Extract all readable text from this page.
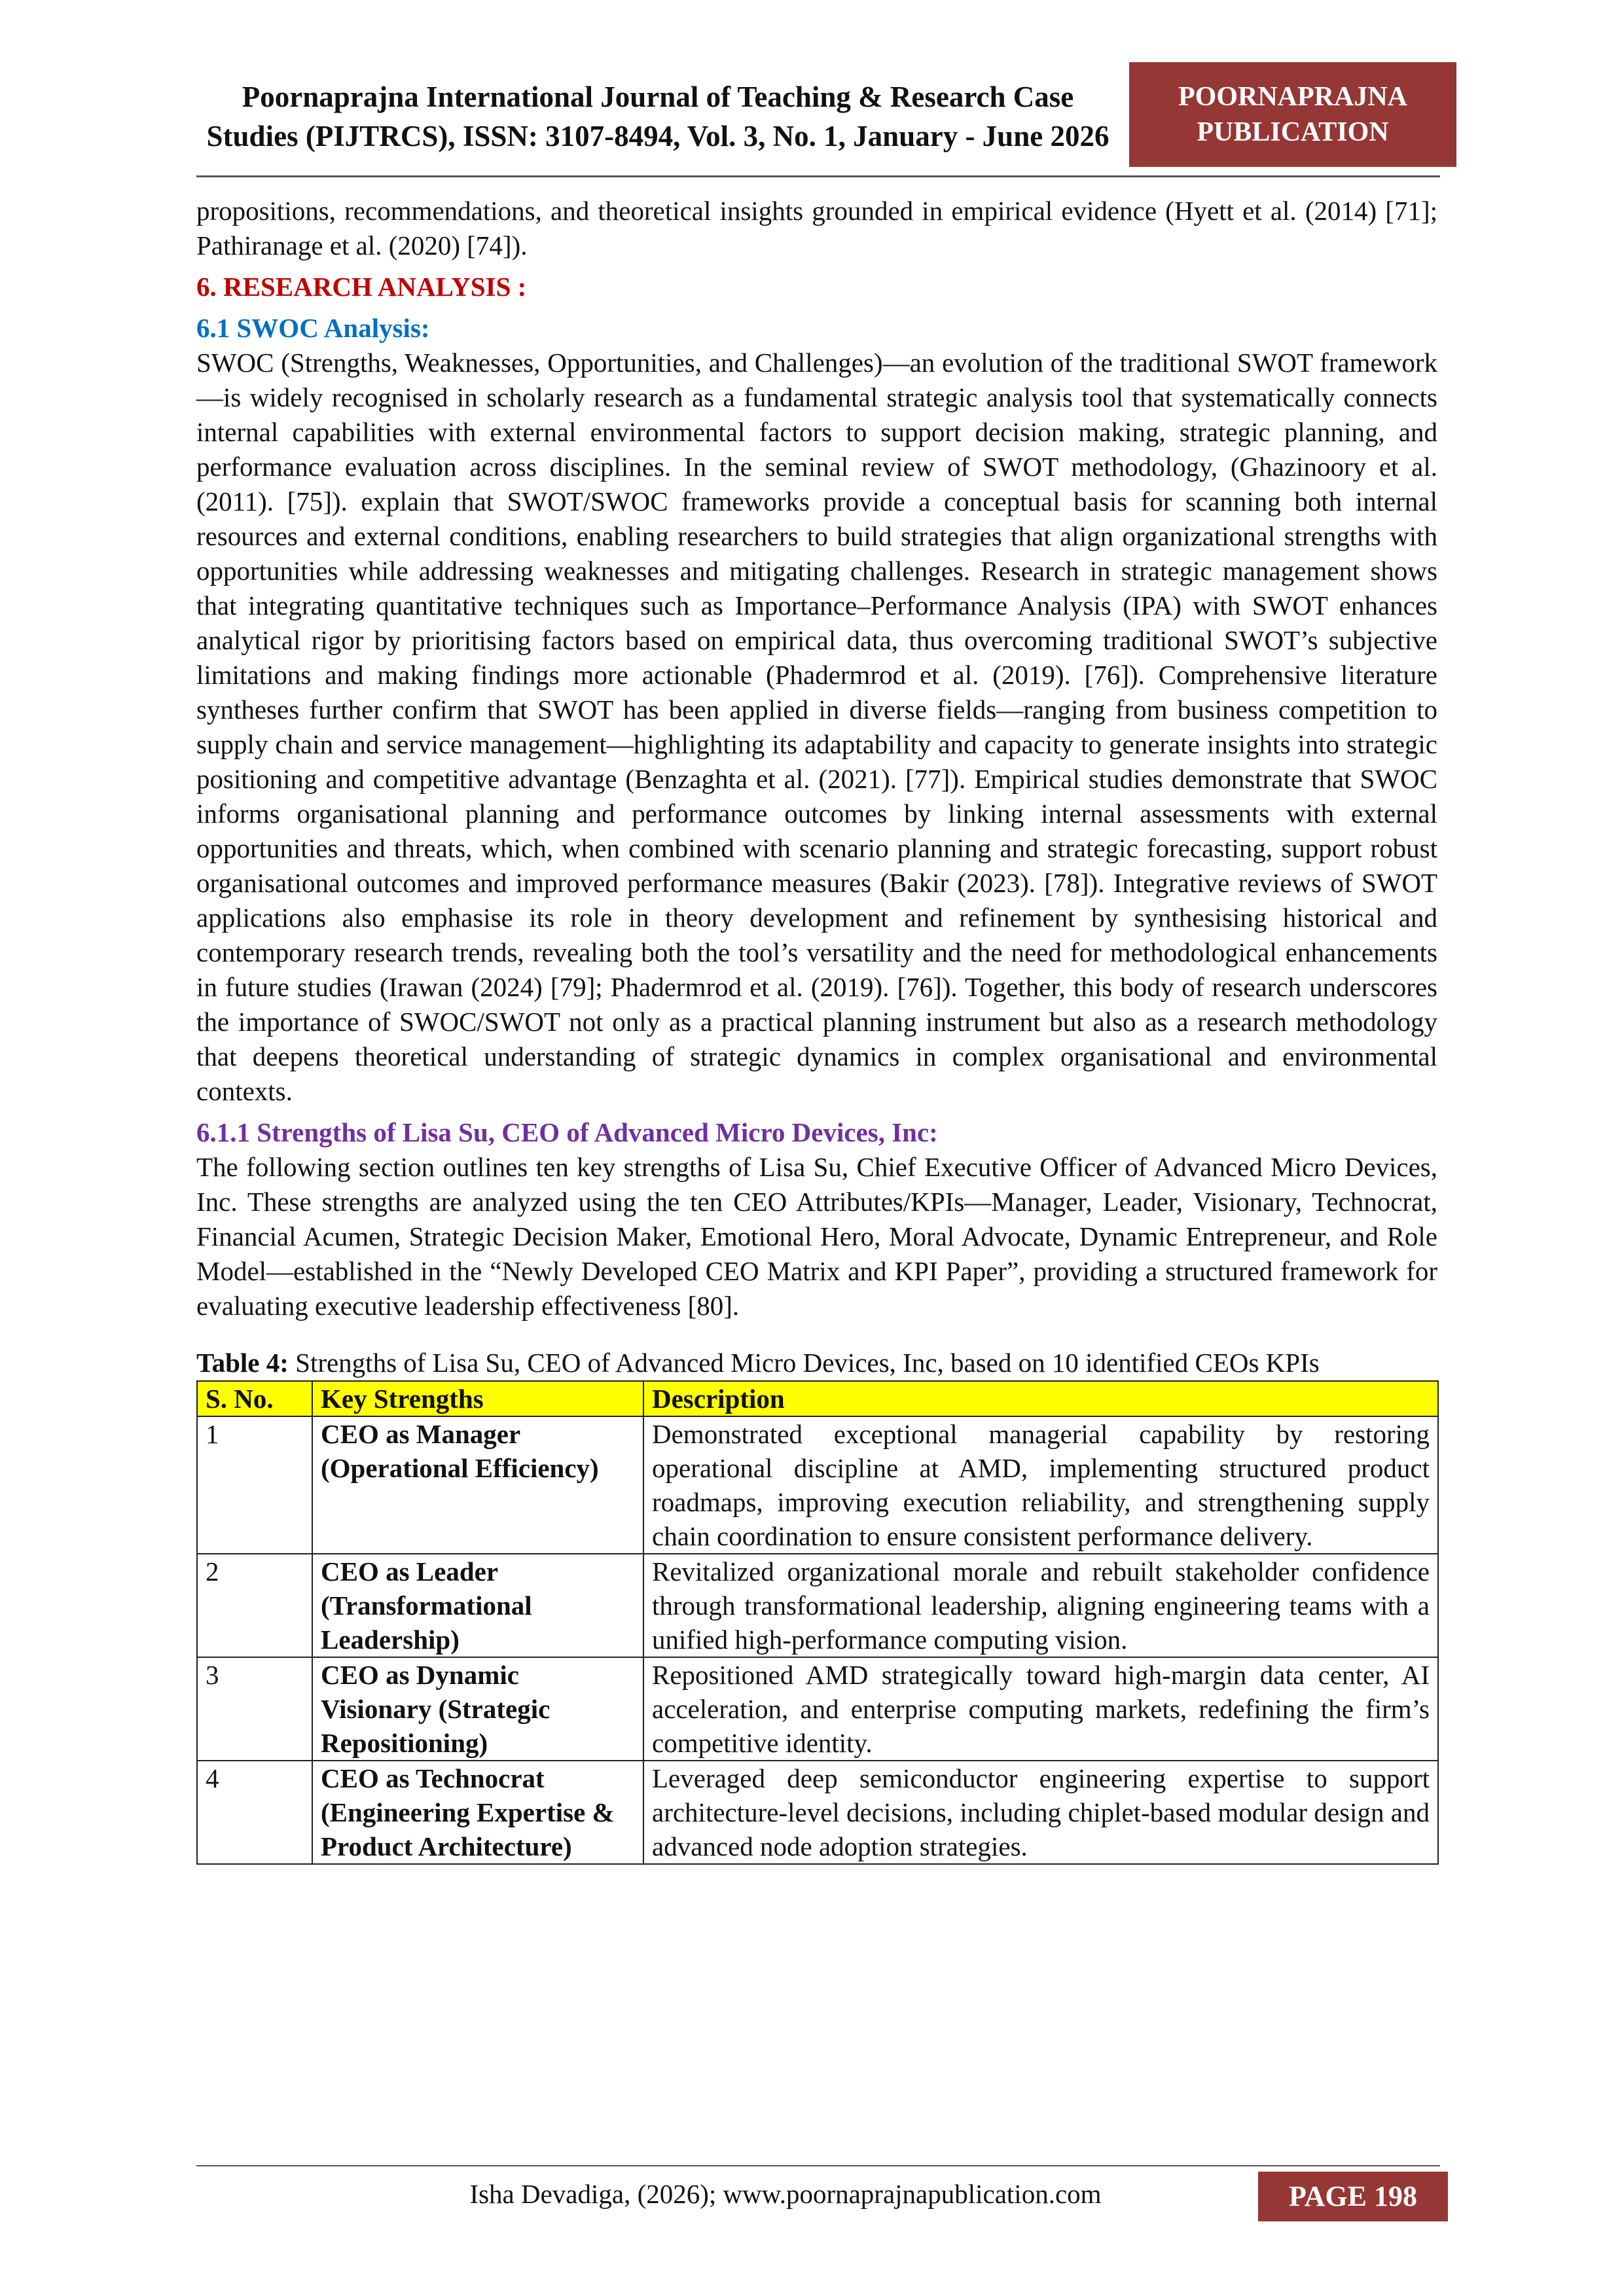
Poornaprajna International Journal of Teaching & Research Case
Studies (PIJTRCS), ISSN: 3107-8494, Vol. 3, No. 1, January - June 2026
POORNAPRAJNA
PUBLICATION

propositions, recommendations, and theoretical insights grounded in empirical evidence (Hyett et al. (2014) [71]; Pathiranage et al. (2020) [74]).

6. RESEARCH ANALYSIS :

6.1 SWOC Analysis:

SWOC (Strengths, Weaknesses, Opportunities, and Challenges)—an evolution of the traditional SWOT framework—is widely recognised in scholarly research as a fundamental strategic analysis tool that systematically connects internal capabilities with external environmental factors to support decision making, strategic planning, and performance evaluation across disciplines. In the seminal review of SWOT methodology, (Ghazinoory et al. (2011). [75]). explain that SWOT/SWOC frameworks provide a conceptual basis for scanning both internal resources and external conditions, enabling researchers to build strategies that align organizational strengths with opportunities while addressing weaknesses and mitigating challenges. Research in strategic management shows that integrating quantitative techniques such as Importance–Performance Analysis (IPA) with SWOT enhances analytical rigor by prioritising factors based on empirical data, thus overcoming traditional SWOT’s subjective limitations and making findings more actionable (Phadermrod et al. (2019). [76]). Comprehensive literature syntheses further confirm that SWOT has been applied in diverse fields—ranging from business competition to supply chain and service management—highlighting its adaptability and capacity to generate insights into strategic positioning and competitive advantage (Benzaghta et al. (2021). [77]). Empirical studies demonstrate that SWOC informs organisational planning and performance outcomes by linking internal assessments with external opportunities and threats, which, when combined with scenario planning and strategic forecasting, support robust organisational outcomes and improved performance measures (Bakir (2023). [78]). Integrative reviews of SWOT applications also emphasise its role in theory development and refinement by synthesising historical and contemporary research trends, revealing both the tool’s versatility and the need for methodological enhancements in future studies (Irawan (2024) [79]; Phadermrod et al. (2019). [76]). Together, this body of research underscores the importance of SWOC/SWOT not only as a practical planning instrument but also as a research methodology that deepens theoretical understanding of strategic dynamics in complex organisational and environmental contexts.

6.1.1 Strengths of Lisa Su, CEO of Advanced Micro Devices, Inc:

The following section outlines ten key strengths of Lisa Su, Chief Executive Officer of Advanced Micro Devices, Inc. These strengths are analyzed using the ten CEO Attributes/KPIs—Manager, Leader, Visionary, Technocrat, Financial Acumen, Strategic Decision Maker, Emotional Hero, Moral Advocate, Dynamic Entrepreneur, and Role Model—established in the “Newly Developed CEO Matrix and KPI Paper”, providing a structured framework for evaluating executive leadership effectiveness [80].

Table 4: Strengths of Lisa Su, CEO of Advanced Micro Devices, Inc, based on 10 identified CEOs KPIs

S. No.	Key Strengths	Description
1	CEO as Manager (Operational Efficiency)	Demonstrated exceptional managerial capability by restoring operational discipline at AMD, implementing structured product roadmaps, improving execution reliability, and strengthening supply chain coordination to ensure consistent performance delivery.
2	CEO as Leader (Transformational Leadership)	Revitalized organizational morale and rebuilt stakeholder confidence through transformational leadership, aligning engineering teams with a unified high-performance computing vision.
3	CEO as Dynamic Visionary (Strategic Repositioning)	Repositioned AMD strategically toward high-margin data center, AI acceleration, and enterprise computing markets, redefining the firm’s competitive identity.
4	CEO as Technocrat (Engineering Expertise & Product Architecture)	Leveraged deep semiconductor engineering expertise to support architecture-level decisions, including chiplet-based modular design and advanced node adoption strategies.
Isha Devadiga, (2026); www.poornaprajnapublication.com	PAGE 198
